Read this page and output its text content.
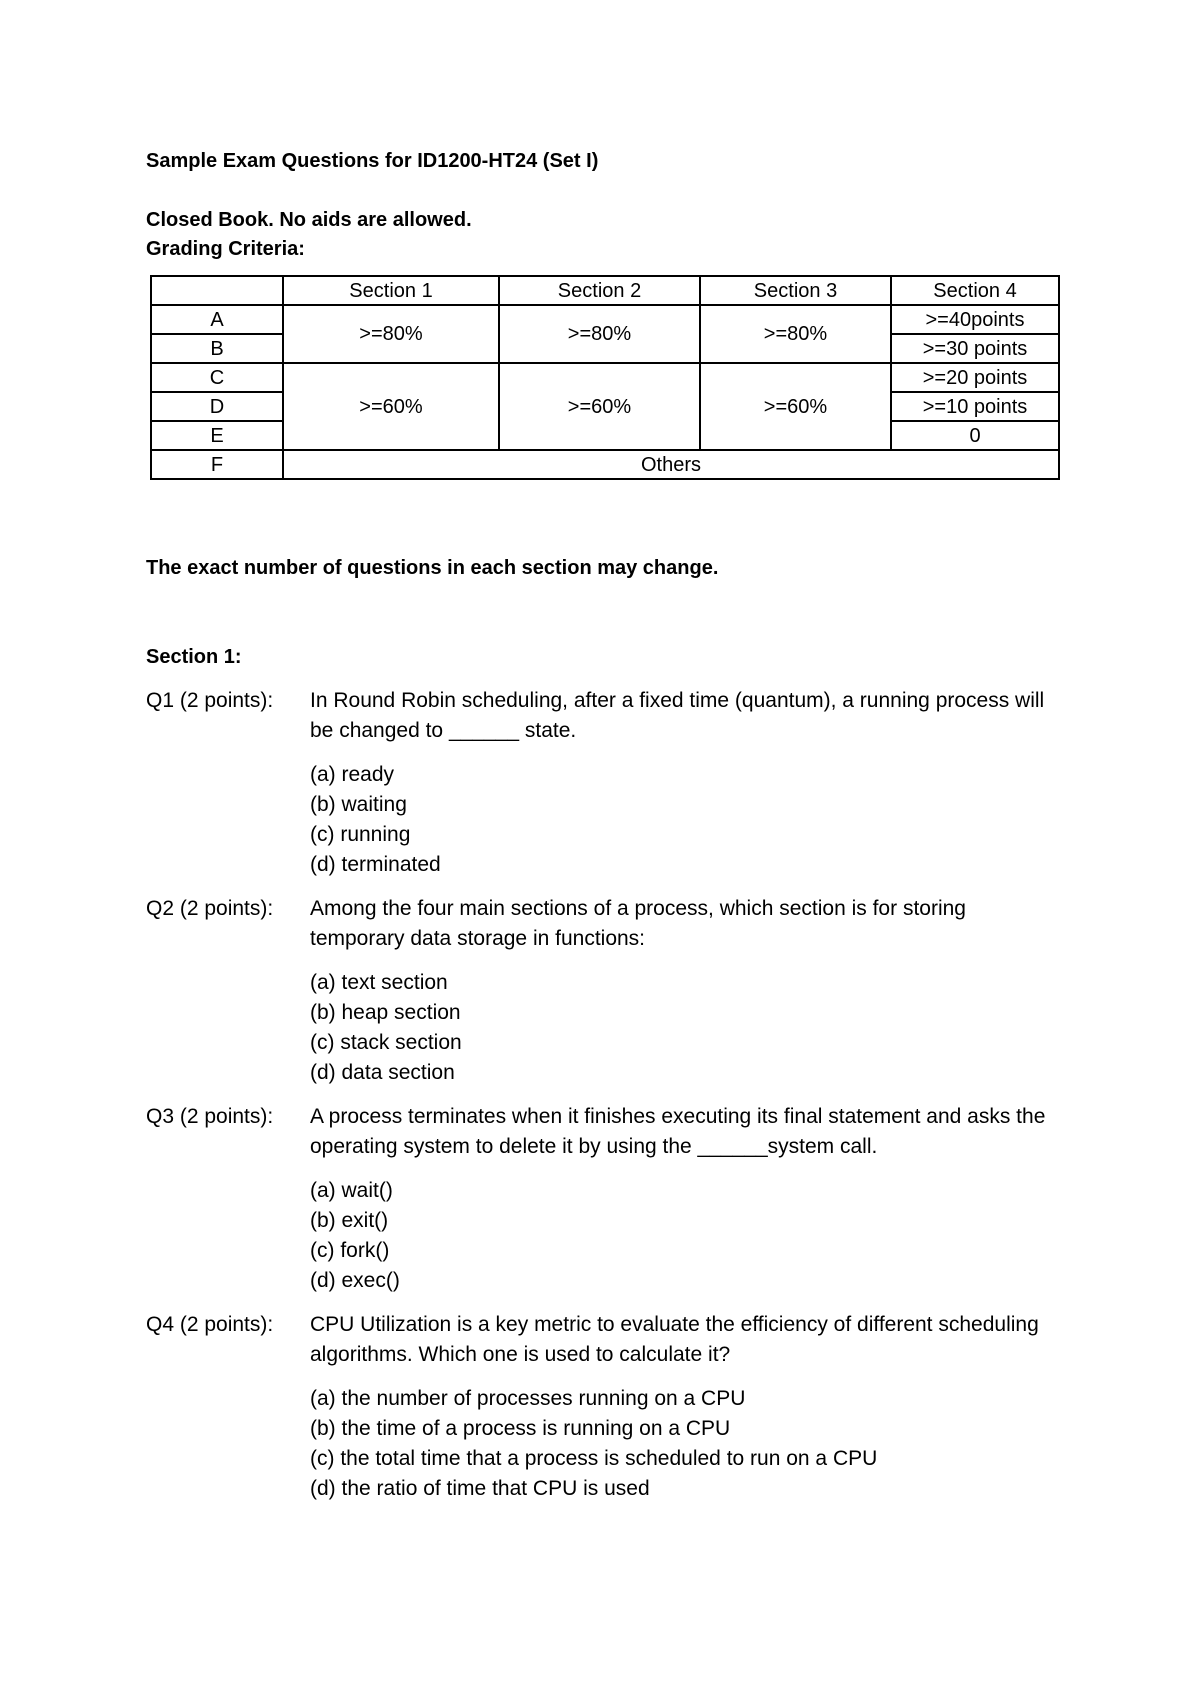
Sample Exam Questions for ID1200-HT24 (Set I)
Closed Book. No aids are allowed.
Grading Criteria:
	Section 1	Section 2	Section 3	Section 4
A	>=80%	>=80%	>=80%	>=40points
B				>=30 points
C	>=60%	>=60%	>=60%	>=20 points
D				>=10 points
E				0
F	Others			
The exact number of questions in each section may change.
Section 1:
Q1 (2 points): In Round Robin scheduling, after a fixed time (quantum), a running process will be changed to ______ state.
(a) ready
(b) waiting
(c) running
(d) terminated
Q2 (2 points): Among the four main sections of a process, which section is for storing temporary data storage in functions:
(a) text section
(b) heap section
(c) stack section
(d) data section
Q3 (2 points): A process terminates when it finishes executing its final statement and asks the operating system to delete it by using the ______system call.
(a) wait()
(b) exit()
(c) fork()
(d) exec()
Q4 (2 points): CPU Utilization is a key metric to evaluate the efficiency of different scheduling algorithms. Which one is used to calculate it?
(a) the number of processes running on a CPU
(b) the time of a process is running on a CPU
(c) the total time that a process is scheduled to run on a CPU
(d) the ratio of time that CPU is used
